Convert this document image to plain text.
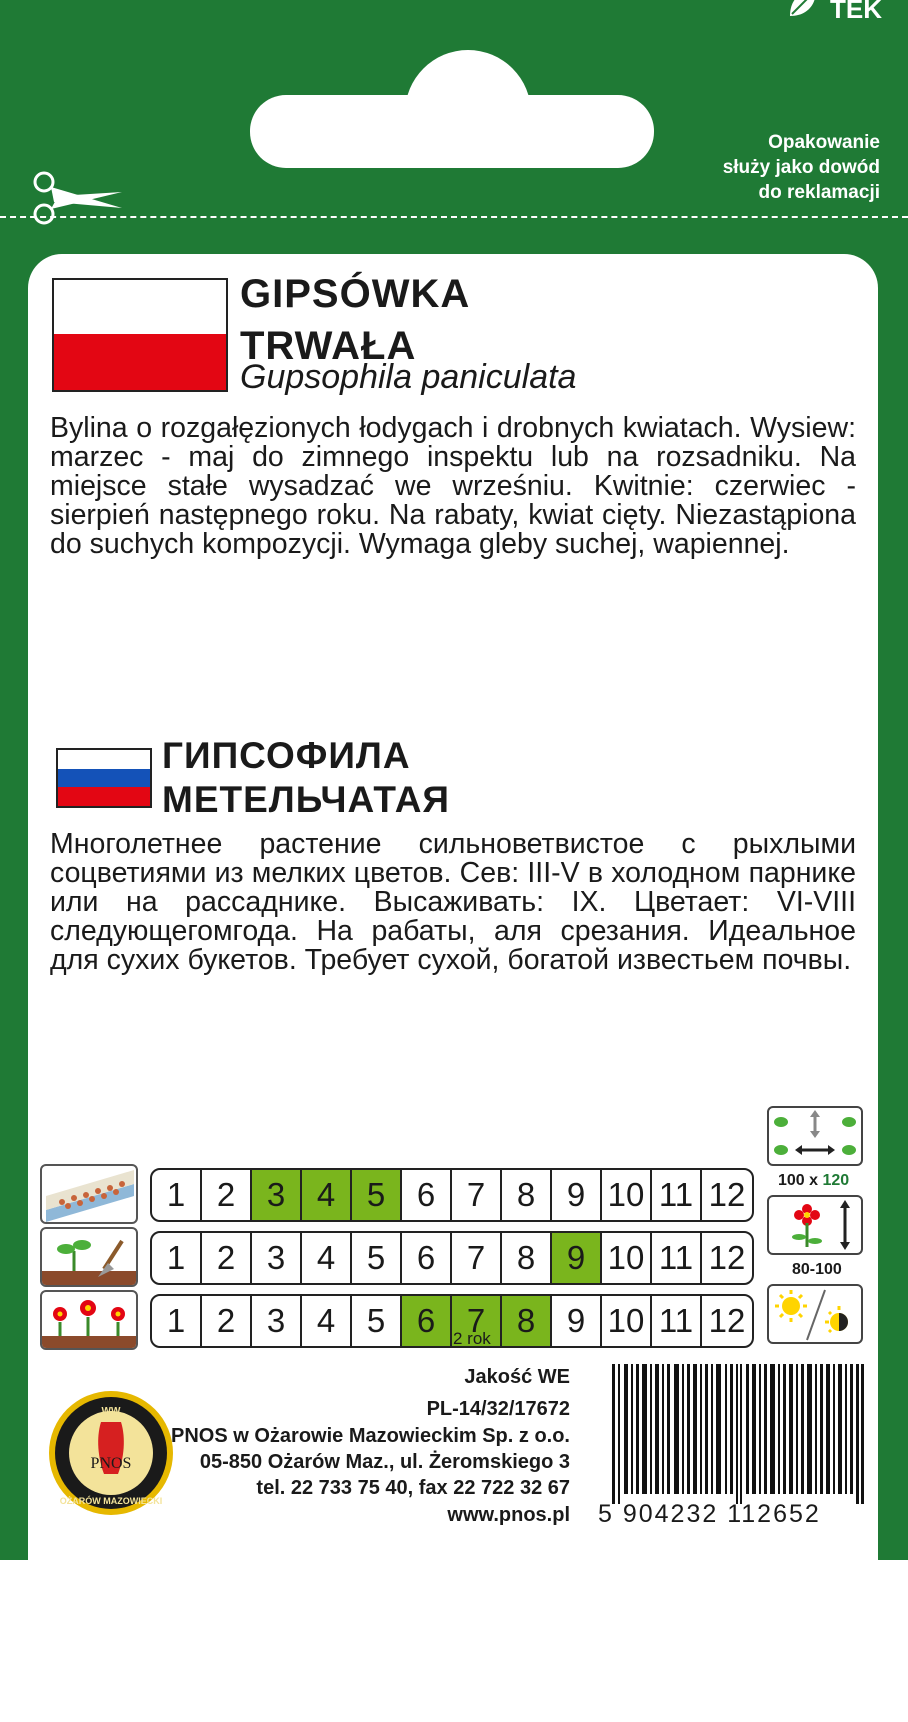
TEK
Opakowanie
służy jako dowód
do reklamacji
GIPSÓWKA
TRWAŁA
Gupsophila paniculata

Bylina o rozgałęzionych łodygach i drobnych kwiatach. Wysiew: marzec - maj do zimnego inspektu lub na rozsadniku. Na miejsce stałe wysadzać we wrześniu. Kwitnie: czerwiec - sierpień następnego roku. Na rabaty, kwiat cięty. Niezastąpiona do suchych kompozycji. Wymaga gleby suchej, wapiennej.

ГИПСОФИЛА
МЕТЕЛЬЧАТАЯ

Многолетнее растение сильноветвистое с рыхлыми соцветиями из мелких цветов. Сев: III-V в холодном парнике или на рассаднике. Высаживать: IX. Цветает: VI-VIII следующегомгода. На рабаты, аля срезания. Идеальное для сухих букетов. Требует сухой, богатой известьем почвы.

1 2 3 4 5 6 7 8 9 10 11 12
1 2 3 4 5 6 7 8 9 10 11 12
1 2 3 4 5 6 7 8 9 10 11 12
2 rok
100 x 120
80-100
WW
PNOS
OŻARÓW MAZOWIECKI
Jakość WE
PL-14/32/17672
PNOS w Ożarowie Mazowieckim Sp. z o.o.
05-850 Ożarów Maz., ul. Żeromskiego 3
tel. 22 733 75 40, fax 22 722 32 67
www.pnos.pl 5 904232 112652
